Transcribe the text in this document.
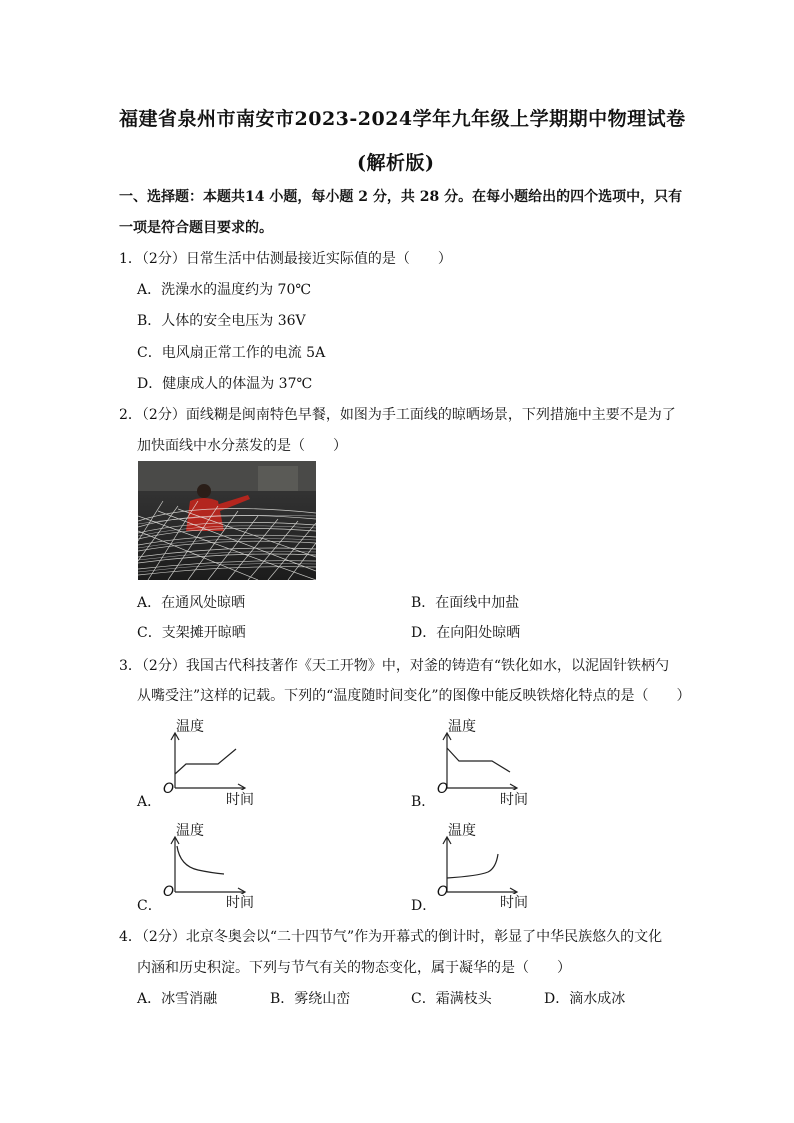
福建省泉州市南安市2023-2024学年九年级上学期期中物理试卷
(解析版)
一、选择题：本题共14 小题，每小题 2 分，共 28 分。在每小题给出的四个选项中，只有
一项是符合题目要求的。
1．（2分）日常生活中估测最接近实际值的是（　　）
A．洗澡水的温度约为 70℃
B．人体的安全电压为 36V
C．电风扇正常工作的电流 5A
D．健康成人的体温为 37℃
2．（2分）面线糊是闽南特色早餐，如图为手工面线的晾晒场景，下列措施中主要不是为了
加快面线中水分蒸发的是（　　）
A．在通风处晾晒	B．在面线中加盐
C．支架摊开晾晒	D．在向阳处晾晒
3．（2分）我国古代科技著作《天工开物》中，对釜的铸造有“铁化如水，以泥固针铁柄勺
从嘴受注”这样的记载。下列的“温度随时间变化”的图像中能反映铁熔化特点的是（　　）
温度
O
时间
A．
温度
O
时间
B．
温度
O
时间
C．
温度
O
时间
D．
4．（2分）北京冬奥会以“二十四节气”作为开幕式的倒计时，彰显了中华民族悠久的文化
内涵和历史积淀。下列与节气有关的物态变化，属于凝华的是（　　）
A．冰雪消融	B．雾绕山峦	C．霜满枝头	D．滴水成冰
